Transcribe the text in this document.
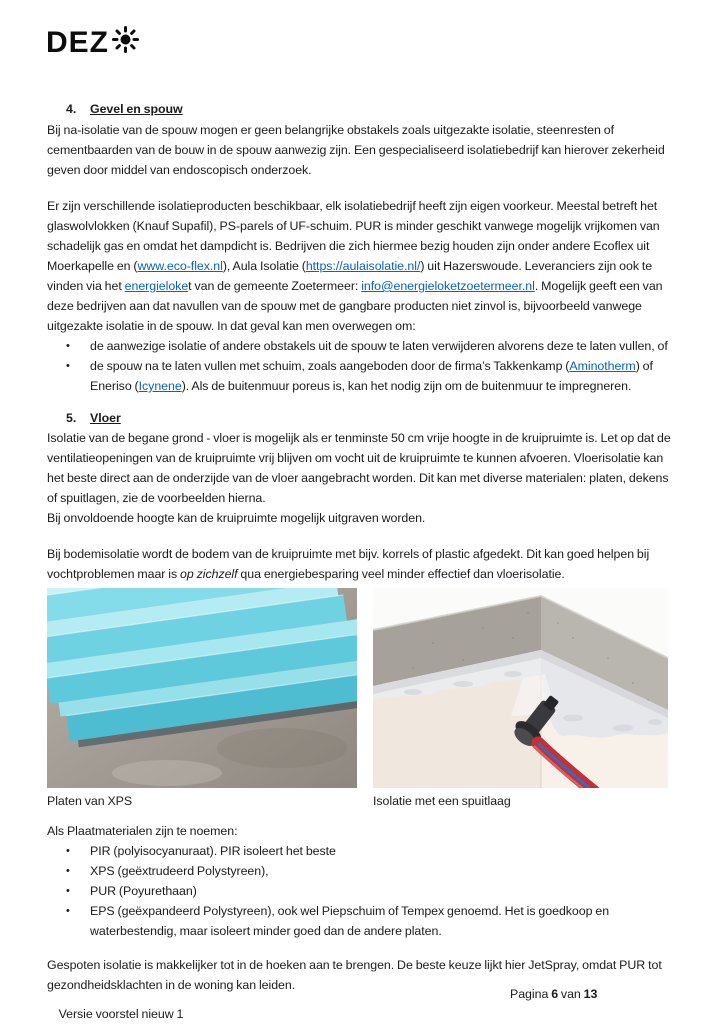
DEZ
4.	Gevel en spouw

Bij na-isolatie van de spouw mogen er geen belangrijke obstakels zoals uitgezakte isolatie, steenresten of cementbaarden van de bouw in de spouw aanwezig zijn. Een gespecialiseerd isolatiebedrijf kan hierover zekerheid geven door middel van endoscopisch onderzoek.

Er zijn verschillende isolatieproducten beschikbaar, elk isolatiebedrijf heeft zijn eigen voorkeur. Meestal betreft het glaswolvlokken (Knauf Supafil), PS-parels of UF-schuim. PUR is minder geschikt vanwege mogelijk vrijkomen van schadelijk gas en omdat het dampdicht is. Bedrijven die zich hiermee bezig houden zijn onder andere Ecoflex uit Moerkapelle en (www.eco-flex.nl), Aula Isolatie (https://aulaisolatie.nl/) uit Hazerswoude. Leveranciers zijn ook te vinden via het energieloket van de gemeente Zoetermeer: info@energieloketzoetermeer.nl. Mogelijk geeft een van deze bedrijven aan dat navullen van de spouw met de gangbare producten niet zinvol is, bijvoorbeeld vanwege uitgezakte isolatie in de spouw. In dat geval kan men overwegen om:

•	de aanwezige isolatie of andere obstakels uit de spouw te laten verwijderen alvorens deze te laten vullen, of
•	de spouw na te laten vullen met schuim, zoals aangeboden door de firma’s Takkenkamp (Aminotherm) of Eneriso (Icynene). Als de buitenmuur poreus is, kan het nodig zijn om de buitenmuur te impregneren.
5.	Vloer

Isolatie van de begane grond - vloer is mogelijk als er tenminste 50 cm vrije hoogte in de kruipruimte is. Let op dat de ventilatieopeningen van de kruipruimte vrij blijven om vocht uit de kruipruimte te kunnen afvoeren. Vloerisolatie kan het beste direct aan de onderzijde van de vloer aangebracht worden. Dit kan met diverse materialen: platen, dekens of spuitlagen, zie de voorbeelden hierna.

Bij onvoldoende hoogte kan de kruipruimte mogelijk uitgraven worden.

Bij bodemisolatie wordt de bodem van de kruipruimte met bijv. korrels of plastic afgedekt. Dit kan goed helpen bij vochtproblemen maar is op zichzelf qua energiebesparing veel minder effectief dan vloerisolatie.

Platen van XPS	Isolatie met een spuitlaag

Als Plaatmaterialen zijn te noemen:

•	PIR (polyisocyanuraat). PIR isoleert het beste
•	XPS (geëxtrudeerd Polystyreen),
•	PUR (Poyurethaan)
•	EPS (geëxpandeerd Polystyreen), ook wel Piepschuim of Tempex genoemd. Het is goedkoop en waterbestendig, maar isoleert minder goed dan de andere platen.

Gespoten isolatie is makkelijker tot in de hoeken aan te brengen. De beste keuze lijkt hier JetSpray, omdat PUR tot gezondheidsklachten in de woning kan leiden.

Versie voorstel nieuw 1

Pagina 6 van 13
